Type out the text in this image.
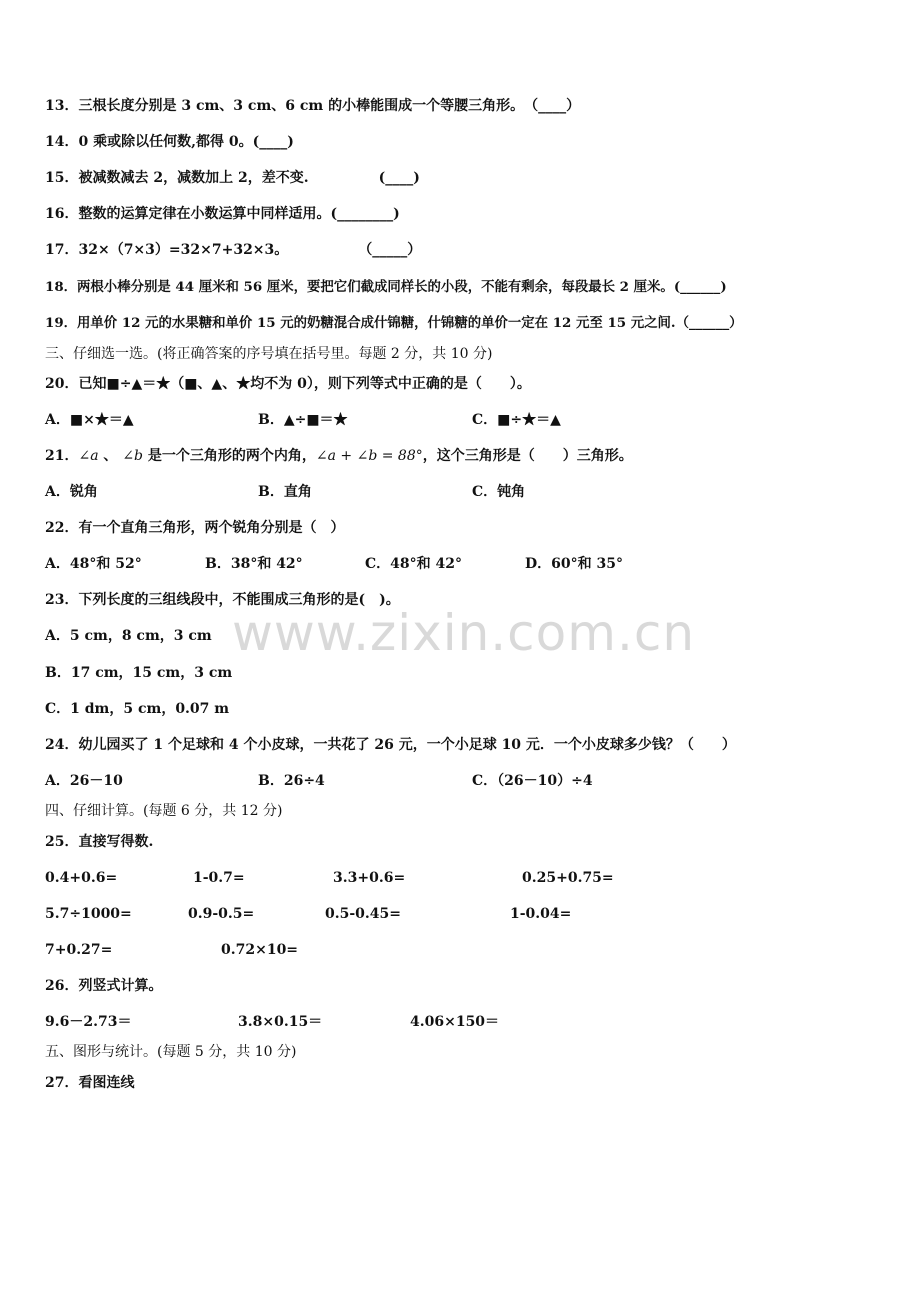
www.zixin.com.cn
13．三根长度分别是 3 cm、3 cm、6 cm 的小棒能围成一个等腰三角形。　（____）
14．0 乘或除以任何数,都得 0。(____)
15．被减数减去 2，减数加上 2，差不变.　　　　　(____)
16．整数的运算定律在小数运算中同样适用。(________)
17．32×（7×3）=32×7+32×3。　　　　　　（_____）
18．两根小棒分别是 44 厘米和 56 厘米，要把它们截成同样长的小段，不能有剩余，每段最长 2 厘米。(______)
19．用单价 12 元的水果糖和单价 15 元的奶糖混合成什锦糖，什锦糖的单价一定在 12 元至 15 元之间.（______）
三、仔细选一选。(将正确答案的序号填在括号里。每题 2 分，共 10 分)
20．已知■÷▲＝★（■、▲、★均不为 0），则下列等式中正确的是（　　）。
A．■×★＝▲	B．▲÷■＝★	C．■÷★＝▲
21．∠a 、 ∠b 是一个三角形的两个内角，∠a + ∠b = 88°，这个三角形是（　　）三角形。
A．锐角	B．直角	C．钝角
22．有一个直角三角形，两个锐角分别是（　）
A．48°和 52°	B．38°和 42°	C．48°和 42°	D．60°和 35°
23．下列长度的三组线段中，不能围成三角形的是(　)。
A．5 cm，8 cm，3 cm
B．17 cm，15 cm，3 cm
C．1 dm，5 cm，0.07 m
24．幼儿园买了 1 个足球和 4 个小皮球，一共花了 26 元，一个小足球 10 元．一个小皮球多少钱？（　　）
A．26－10	B．26÷4	C．（26－10）÷4
四、仔细计算。(每题 6 分，共 12 分)
25．直接写得数.
0.4+0.6=	1-0.7=	3.3+0.6=	0.25+0.75=
5.7÷1000=	0.9-0.5=	0.5-0.45=	1-0.04=
7+0.27=	0.72×10=
26．列竖式计算。
9.6－2.73＝	3.8×0.15＝	4.06×150＝
五、图形与统计。(每题 5 分，共 10 分)
27．看图连线
